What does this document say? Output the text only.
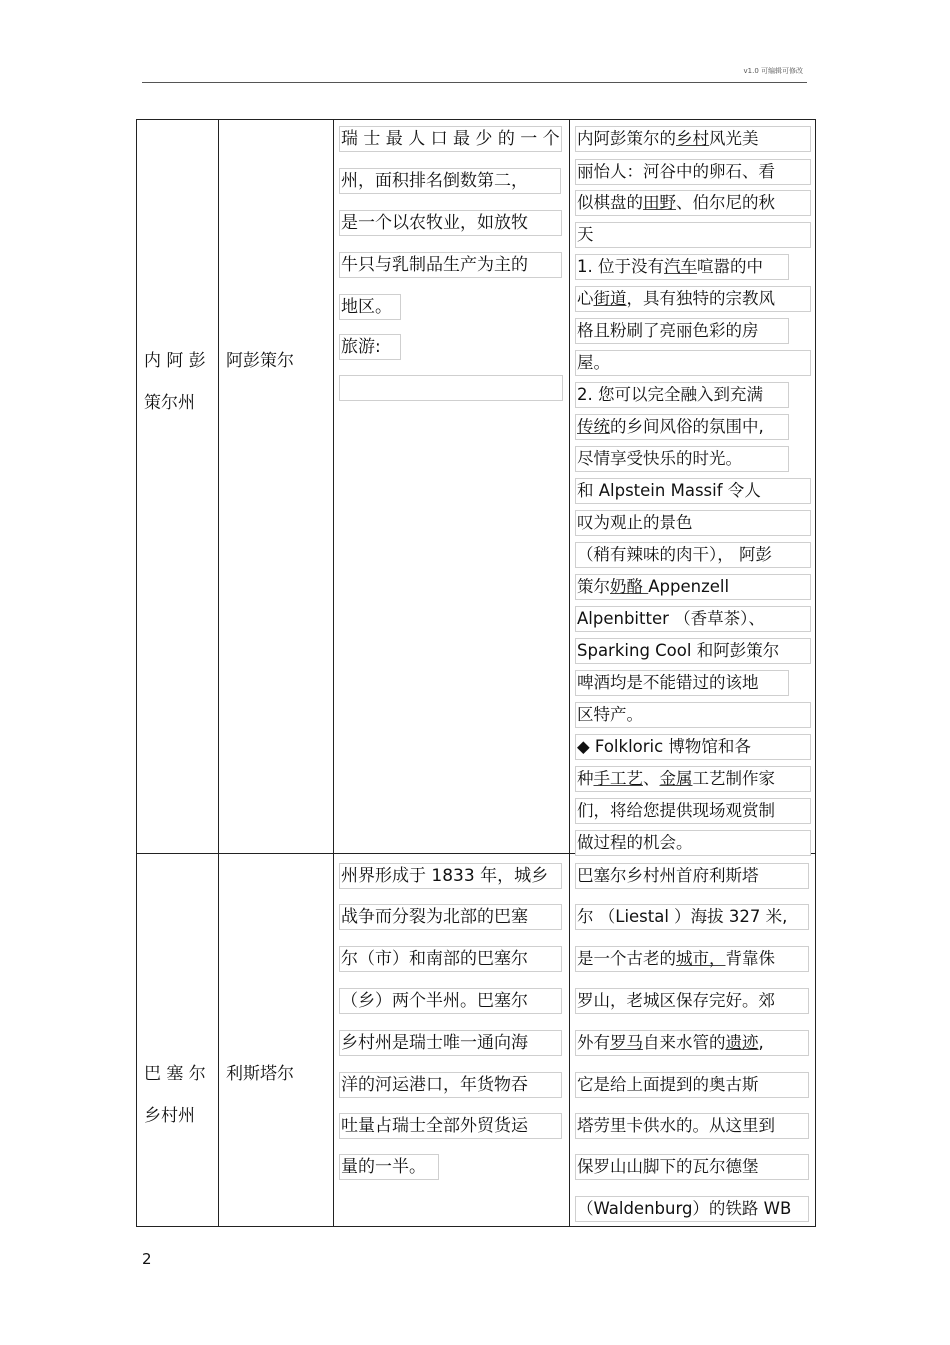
v1.0 可编辑可修改
内 阿 彭
策尔州
阿彭策尔
瑞 士 最 人 口 最 少 的 一 个
州，面积排名倒数第二，
是一个以农牧业，如放牧
牛只与乳制品生产为主的
地区。
旅游:
内阿彭策尔的乡村风光美
丽怡人：河谷中的卵石、看
似棋盘的田野、伯尔尼的秋
天
1. 位于没有汽车喧嚣的中
心街道，具有独特的宗教风
格且粉刷了亮丽色彩的房
屋。
2. 您可以完全融入到充满
传统的乡间风俗的氛围中,
尽情享受快乐的时光。
和 Alpstein Massif 令人
叹为观止的景色
（稍有辣味的肉干）， 阿彭
策尔奶酪 Appenzell
Alpenbitter （香草茶）、
Sparking Cool 和阿彭策尔
啤酒均是不能错过的该地
区特产。
◆ Folkloric 博物馆和各
种手工艺、金属工艺制作家
们，将给您提供现场观赏制
做过程的机会。
巴 塞 尔
乡村州
利斯塔尔
州界形成于 1833 年，城乡
战争而分裂为北部的巴塞
尔（市）和南部的巴塞尔
（乡）两个半州。巴塞尔
乡村州是瑞士唯一通向海
洋的河运港口，年货物吞
吐量占瑞士全部外贸货运
量的一半。
巴塞尔乡村州首府利斯塔
尔 （Liestal ）海拔 327 米,
是一个古老的城市，背靠侏
罗山，老城区保存完好。郊
外有罗马自来水管的遗迹,
它是给上面提到的奥古斯
塔劳里卡供水的。从这里到
保罗山山脚下的瓦尔德堡
（Waldenburg）的铁路 WB
2
